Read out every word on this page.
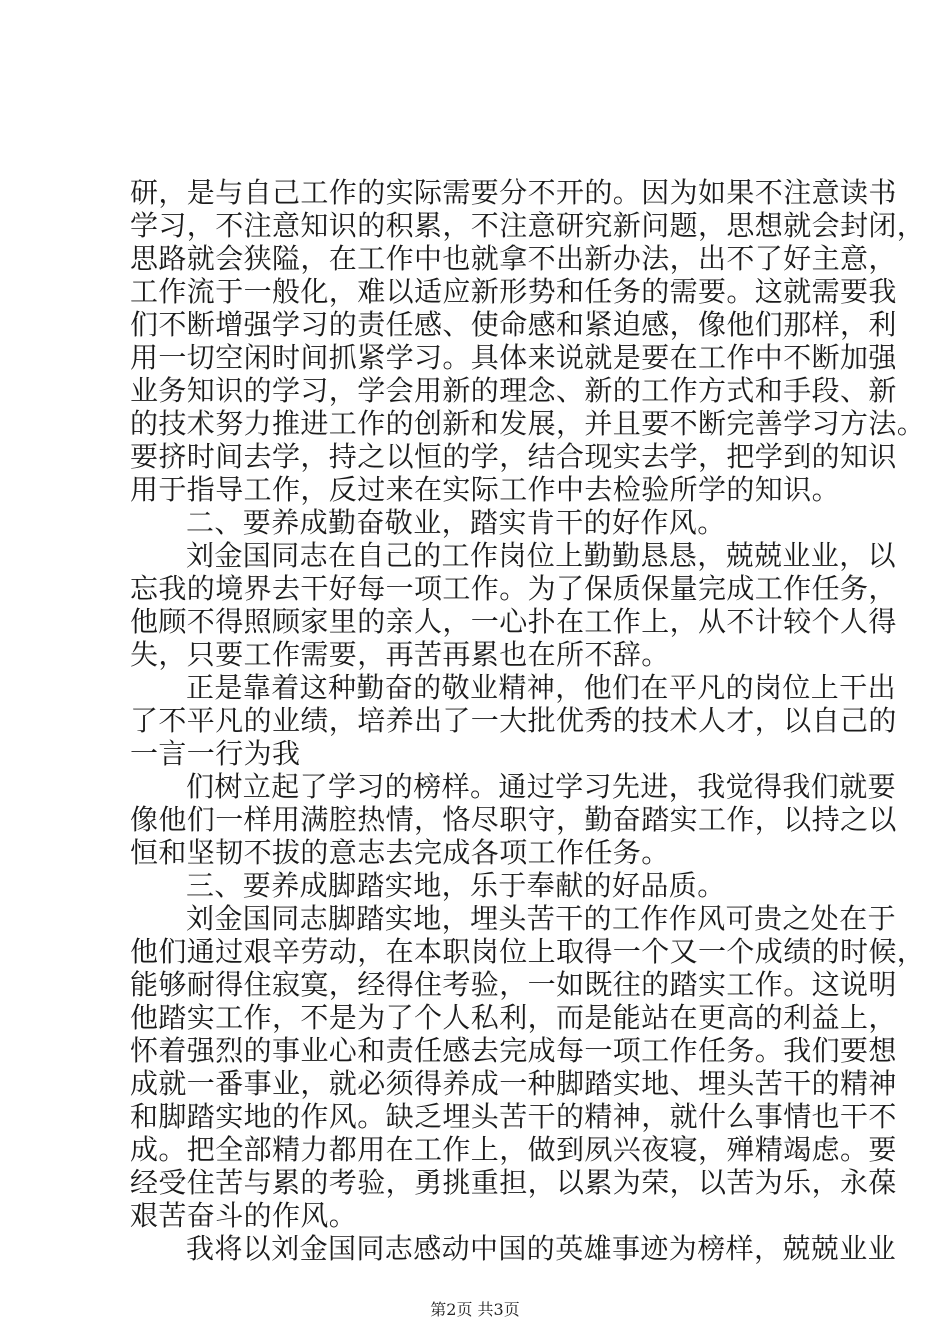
研，是与自己工作的实际需要分不开的。因为如果不注意读书
学习，不注意知识的积累，不注意研究新问题，思想就会封闭，
思路就会狭隘，在工作中也就拿不出新办法，出不了好主意，
工作流于一般化，难以适应新形势和任务的需要。这就需要我
们不断增强学习的责任感、使命感和紧迫感，像他们那样，利
用一切空闲时间抓紧学习。具体来说就是要在工作中不断加强
业务知识的学习，学会用新的理念、新的工作方式和手段、新
的技术努力推进工作的创新和发展，并且要不断完善学习方法。
要挤时间去学，持之以恒的学，结合现实去学，把学到的知识
用于指导工作，反过来在实际工作中去检验所学的知识。
二、要养成勤奋敬业，踏实肯干的好作风。
刘金国同志在自己的工作岗位上勤勤恳恳，兢兢业业，以
忘我的境界去干好每一项工作。为了保质保量完成工作任务，
他顾不得照顾家里的亲人，一心扑在工作上，从不计较个人得
失，只要工作需要，再苦再累也在所不辞。
正是靠着这种勤奋的敬业精神，他们在平凡的岗位上干出
了不平凡的业绩，培养出了一大批优秀的技术人才，以自己的
一言一行为我
们树立起了学习的榜样。通过学习先进，我觉得我们就要
像他们一样用满腔热情，恪尽职守，勤奋踏实工作，以持之以
恒和坚韧不拔的意志去完成各项工作任务。
三、要养成脚踏实地，乐于奉献的好品质。
刘金国同志脚踏实地，埋头苦干的工作作风可贵之处在于
他们通过艰辛劳动，在本职岗位上取得一个又一个成绩的时候，
能够耐得住寂寞，经得住考验，一如既往的踏实工作。这说明
他踏实工作，不是为了个人私利，而是能站在更高的利益上，
怀着强烈的事业心和责任感去完成每一项工作任务。我们要想
成就一番事业，就必须得养成一种脚踏实地、埋头苦干的精神
和脚踏实地的作风。缺乏埋头苦干的精神，就什么事情也干不
成。把全部精力都用在工作上，做到夙兴夜寝，殚精竭虑。要
经受住苦与累的考验，勇挑重担，以累为荣，以苦为乐，永葆
艰苦奋斗的作风。
我将以刘金国同志感动中国的英雄事迹为榜样，兢兢业业
第2页 共3页
